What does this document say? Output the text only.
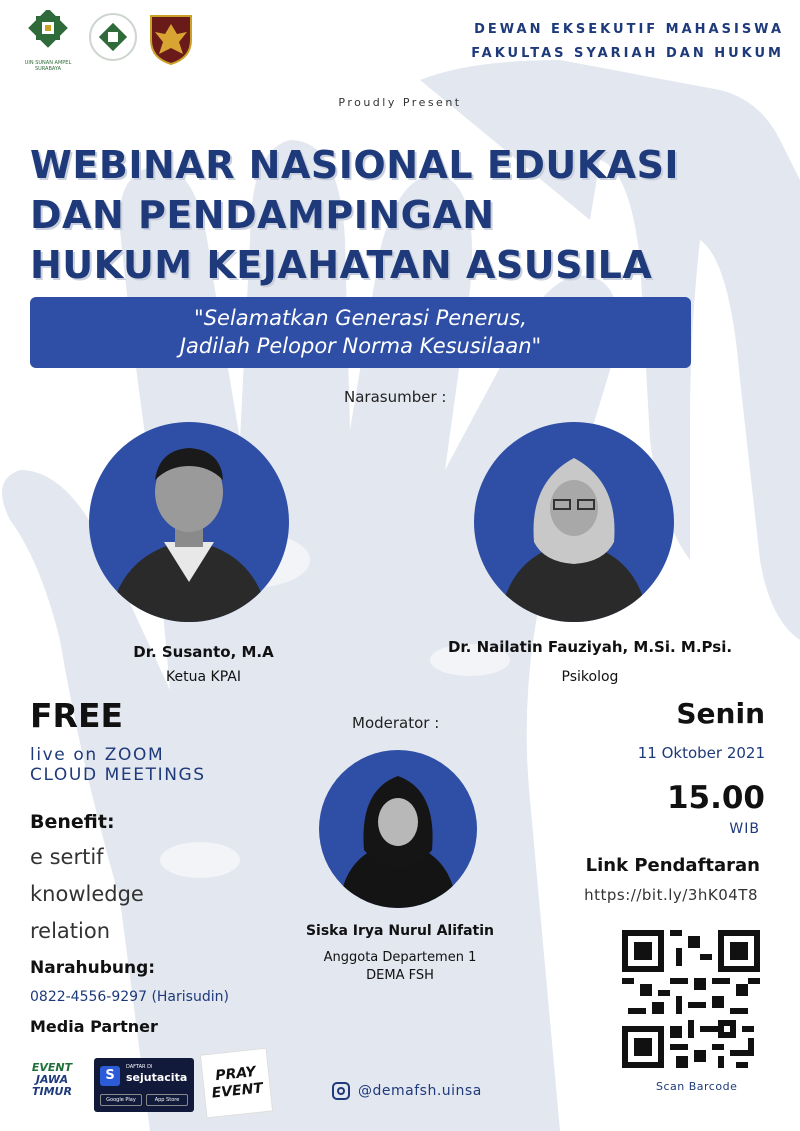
UIN SUNAN AMPEL SURABAYA
DEWAN EKSEKUTIF MAHASISWA
FAKULTAS SYARIAH DAN HUKUM
Proudly Present
WEBINAR NASIONAL EDUKASI
DAN PENDAMPINGAN
HUKUM KEJAHATAN ASUSILA
"Selamatkan Generasi Penerus,
Jadilah Pelopor Norma Kesusilaan"
Narasumber :
Dr. Susanto, M.A
Ketua KPAI
Dr. Nailatin Fauziyah, M.Si. M.Psi.
Psikolog
FREE
live on ZOOM
CLOUD MEETINGS
Benefit:
e sertif
knowledge
relation
Narahubung:
0822-4556-9297 (Harisudin)
Media Partner
Moderator :
Siska Irya Nurul Alifatin
Anggota Departemen 1
DEMA FSH
Senin
11 Oktober 2021
15.00
WIB
Link Pendaftaran
https://bit.ly/3hK04T8
Scan Barcode
EVENT
JAWA
TIMUR
S
DAFTAR DI
sejutacita
Google Play	App Store
PRAY
EVENT	@demafsh.uinsa
